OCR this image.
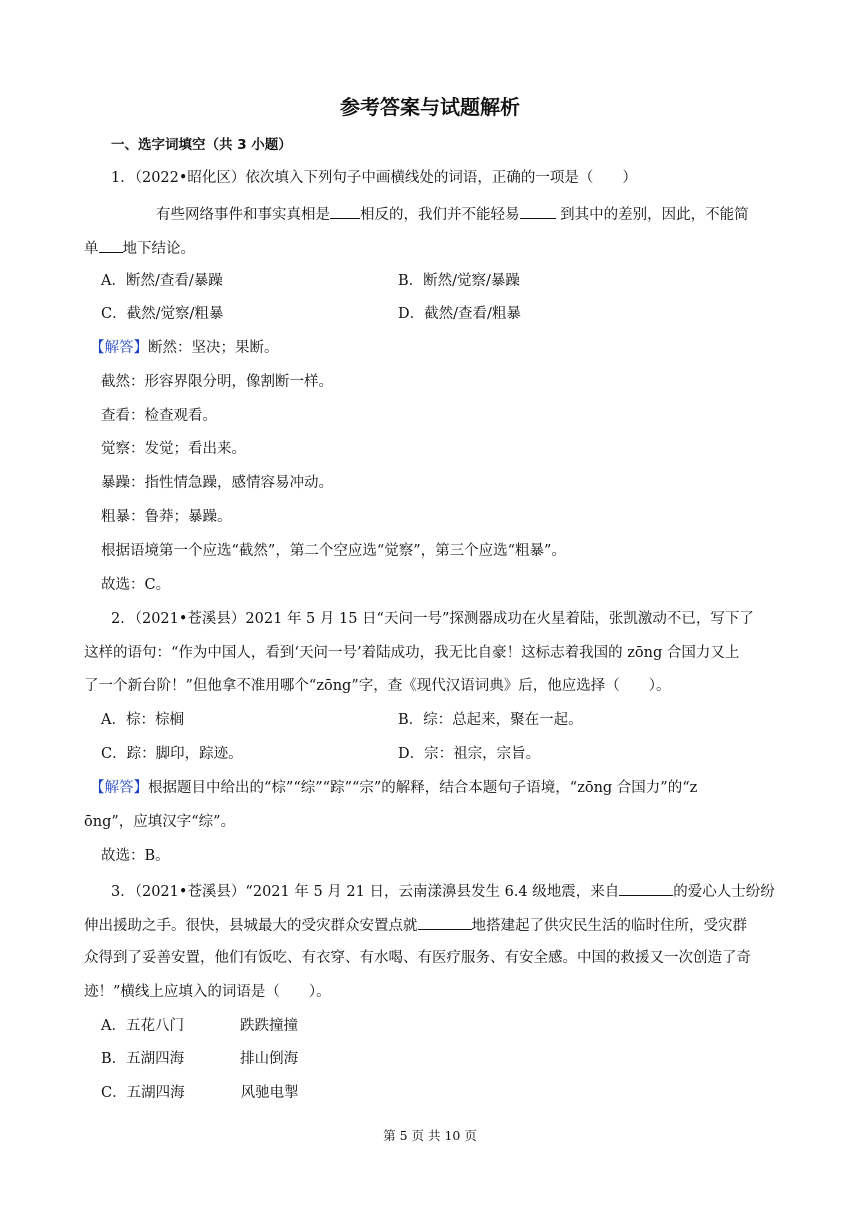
参考答案与试题解析
一、选字词填空（共 3 小题）
1．（2022•昭化区）依次填入下列句子中画横线处的词语，正确的一项是（　　）
有些网络事件和事实真相是 相反的，我们并不能轻易 到其中的差别，因此，不能简
单 地下结论。
A．断然/查看/暴躁	B．断然/觉察/暴躁
C．截然/觉察/粗暴	D．截然/查看/粗暴
【解答】断然：坚决；果断。
截然：形容界限分明，像割断一样。
查看：检查观看。
觉察：发觉；看出来。
暴躁：指性情急躁，感情容易冲动。
粗暴：鲁莽；暴躁。
根据语境第一个应选“截然”，第二个空应选“觉察”，第三个应选“粗暴”。
故选：C。
2．（2021•苍溪县）2021 年 5 月 15 日“天问一号”探测器成功在火星着陆，张凯激动不已，写下了
这样的语句：“作为中国人，看到‘天问一号’着陆成功，我无比自豪！这标志着我国的 zōng 合国力又上
了一个新台阶！”但他拿不准用哪个“zōng”字，查《现代汉语词典》后，他应选择（　　）。
A．棕：棕榈	B．综：总起来，聚在一起。
C．踪：脚印，踪迹。	D．宗：祖宗，宗旨。
【解答】根据题目中给出的“棕”“综”“踪”“宗”的解释，结合本题句子语境，“zōng 合国力”的“z
ōng”，应填汉字“综”。
故选：B。
3．（2021•苍溪县）“2021 年 5 月 21 日，云南漾濞县发生 6.4 级地震，来自	的爱心人士纷纷
伸出援助之手。很快，县城最大的受灾群众安置点就	地搭建起了供灾民生活的临时住所，受灾群
众得到了妥善安置，他们有饭吃、有衣穿、有水喝、有医疗服务、有安全感。中国的救援又一次创造了奇
迹！”横线上应填入的词语是（　　）。
A．五花八门	跌跌撞撞
B．五湖四海	排山倒海
C．五湖四海	风驰电掣
第 5 页 共 10 页
